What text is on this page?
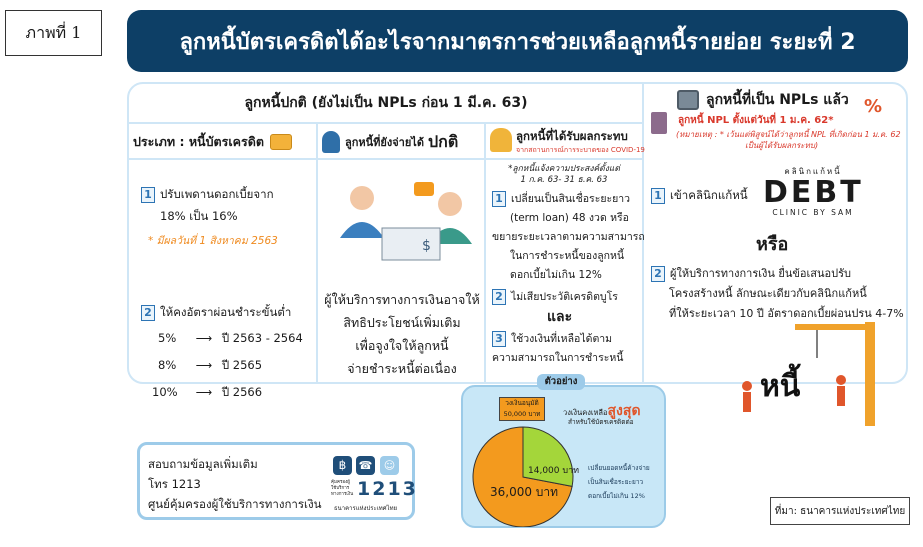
ภาพที่ 1	ลูกหนี้บัตรเครดิตได้อะไรจากมาตรการช่วยเหลือลูกหนี้รายย่อย ระยะที่ 2
ลูกหนี้ปกติ (ยังไม่เป็น NPLs ก่อน 1 มี.ค. 63)	ลูกหนี้ที่เป็น NPLs แล้ว %
ลูกหนี้ NPL ตั้งแต่วันที่ 1 ม.ค. 62*
(หมายเหตุ : * เว้นแต่พิสูจน์ได้ว่าลูกหนี้ NPL ที่เกิดก่อน 1 ม.ค. 62
เป็นผู้ได้รับผลกระทบ)
ประเภท : หนี้บัตรเครดิต	ลูกหนี้ที่ยังจ่ายได้ ปกติ	ลูกหนี้ที่ได้รับผลกระทบ
จากสถานการณ์การระบาดของ COVID-19
1 ปรับเพดานดอกเบี้ยจาก
18% เป็น 16%
* มีผลวันที่ 1 สิงหาคม 2563
2 ให้คงอัตราผ่อนชำระขั้นต่ำ
5% ⟶ ปี 2563 - 2564
8% ⟶ ปี 2565
10% ⟶ ปี 2566
$
ผู้ให้บริการทางการเงินอาจให้
สิทธิประโยชน์เพิ่มเติม
เพื่อจูงใจให้ลูกหนี้
จ่ายชำระหนี้ต่อเนื่อง
*ลูกหนี้แจ้งความประสงค์ตั้งแต่
1 ก.ค. 63- 31 ธ.ค. 63
1 เปลี่ยนเป็นสินเชื่อระยะยาว
(term loan) 48 งวด หรือ
ขยายระยะเวลาตามความสามารถ
ในการชำระหนี้ของลูกหนี้
ดอกเบี้ยไม่เกิน 12%
2 ไม่เสียประวัติเครดิตบูโร
และ
3 ใช้วงเงินที่เหลือได้ตาม
ความสามารถในการชำระหนี้
1 เข้าคลินิกแก้หนี้
คลินิกแก้หนี้
DEBT
CLINIC BY SAM
หรือ
2 ผู้ให้บริการทางการเงิน ยื่นข้อเสนอปรับ
โครงสร้างหนี้ ลักษณะเดียวกับคลินิกแก้หนี้
ที่ให้ระยะเวลา 10 ปี อัตราดอกเบี้ยผ่อนปรน 4-7%
หนี้
สอบถามข้อมูลเพิ่มเติม
โทร 1213
ศูนย์คุ้มครองผู้ใช้บริการทางการเงิน
฿	☎	☺
คุ้มครองผู้ใช้บริการทางการเงิน 1213
ธนาคารแห่งประเทศไทย
ตัวอย่าง
วงเงินอนุมัติ
50,000 บาท	วงเงินคงเหลือสูงสุด
สำหรับใช้บัตรเครดิตต่อ
เปลี่ยนยอดหนี้ค้างจ่าย
เป็นสินเชื่อระยะยาว
ดอกเบี้ยไม่เกิน 12%
14,000 บาท
36,000 บาท
ที่มา: ธนาคารแห่งประเทศไทย
